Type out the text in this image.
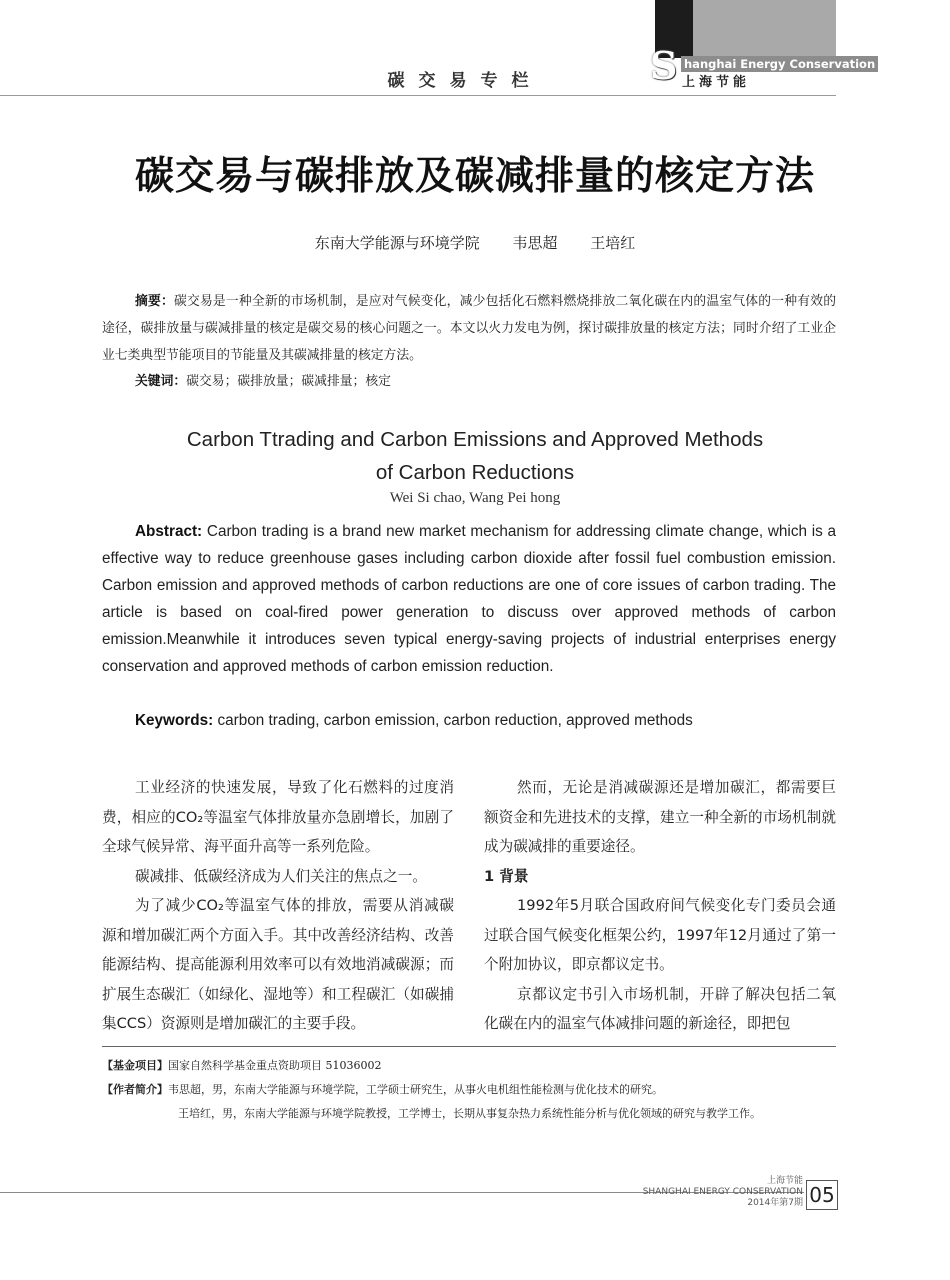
S hanghai Energy Conservation
上海节能
碳交易专栏
碳交易与碳排放及碳减排量的核定方法
东南大学能源与环境学院 韦思超 王培红
摘要：碳交易是一种全新的市场机制，是应对气候变化，减少包括化石燃料燃烧排放二氧化碳在内的温室气体的一种有效的途径，碳排放量与碳减排量的核定是碳交易的核心问题之一。本文以火力发电为例，探讨碳排放量的核定方法；同时介绍了工业企业七类典型节能项目的节能量及其碳减排量的核定方法。
关键词：碳交易；碳排放量；碳减排量；核定
Carbon Ttrading and Carbon Emissions and Approved Methods
of Carbon Reductions
Wei Si chao, Wang Pei hong
Abstract: Carbon trading is a brand new market mechanism for addressing climate change, which is a effective way to reduce greenhouse gases including carbon dioxide after fossil fuel combustion emission. Carbon emission and approved methods of carbon reductions are one of core issues of carbon trading. The article is based on coal-fired power generation to discuss over approved methods of carbon emission.Meanwhile it introduces seven typical energy-saving projects of industrial enterprises energy conservation and approved methods of carbon emission reduction.
Keywords: carbon trading, carbon emission, carbon reduction, approved methods

工业经济的快速发展，导致了化石燃料的过度消费，相应的CO₂等温室气体排放量亦急剧增长，加剧了全球气候异常、海平面升高等一系列危险。

碳减排、低碳经济成为人们关注的焦点之一。

为了减少CO₂等温室气体的排放，需要从消减碳源和增加碳汇两个方面入手。其中改善经济结构、改善能源结构、提高能源利用效率可以有效地消减碳源；而扩展生态碳汇（如绿化、湿地等）和工程碳汇（如碳捕集CCS）资源则是增加碳汇的主要手段。

然而，无论是消减碳源还是增加碳汇，都需要巨额资金和先进技术的支撑，建立一种全新的市场机制就成为碳减排的重要途径。

1 背景

1992年5月联合国政府间气候变化专门委员会通过联合国气候变化框架公约，1997年12月通过了第一个附加协议，即京都议定书。

京都议定书引入市场机制，开辟了解决包括二氧化碳在内的温室气体减排问题的新途径，即把包

【基金项目】国家自然科学基金重点资助项目 51036002
【作者简介】韦思超，男，东南大学能源与环境学院，工学硕士研究生，从事火电机组性能检测与优化技术的研究。
王培红，男，东南大学能源与环境学院教授，工学博士，长期从事复杂热力系统性能分析与优化领域的研究与教学工作。
上海节能
SHANGHAI ENERGY CONSERVATION
2014年第7期 05
